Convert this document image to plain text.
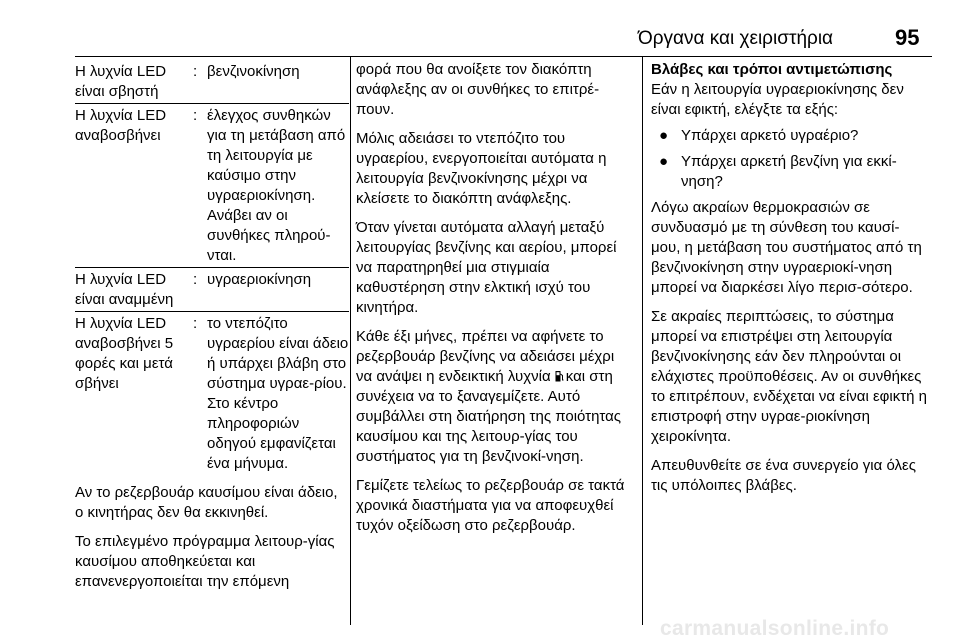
Όργανα και χειριστήρια	95
Η λυχνία LED είναι σβηστή
: βενζινοκίνηση
Η λυχνία LED αναβοσβήνει
: έλεγχος συνθηκών για τη μετάβαση από τη λειτουργία με καύσιμο στην υγραεριοκίνηση. Ανάβει αν οι συνθήκες πληρού-νται.
Η λυχνία LED είναι αναμμένη
: υγραεριοκίνηση
Η λυχνία LED αναβοσβήνει 5 φορές και μετά σβήνει
: το ντεπόζιτο υγραερίου είναι άδειο ή υπάρχει βλάβη στο σύστημα υγραε-ρίου. Στο κέντρο πληροφοριών οδηγού εμφανίζεται ένα μήνυμα.

Αν το ρεζερβουάρ καυσίμου είναι άδειο, ο κινητήρας δεν θα εκκινηθεί.

Το επιλεγμένο πρόγραμμα λειτουρ-γίας καυσίμου αποθηκεύεται και επανενεργοποιείται την επόμενη

φορά που θα ανοίξετε τον διακόπτη ανάφλεξης αν οι συνθήκες το επιτρέ-πουν.

Μόλις αδειάσει το ντεπόζιτο του υγραερίου, ενεργοποιείται αυτόματα η λειτουργία βενζινοκίνησης μέχρι να κλείσετε το διακόπτη ανάφλεξης.

Όταν γίνεται αυτόματα αλλαγή μεταξύ λειτουργίας βενζίνης και αερίου, μπορεί να παρατηρηθεί μια στιγμιαία καθυστέρηση στην ελκτική ισχύ του κινητήρα.

Κάθε έξι μήνες, πρέπει να αφήνετε το ρεζερβουάρ βενζίνης να αδειάσει μέχρι να ανάψει η ενδεικτική λυχνία και στη συνέχεια να το ξαναγεμίζετε. Αυτό συμβάλλει στη διατήρηση της ποιότητας καυσίμου και της λειτουρ-γίας του συστήματος για τη βενζινοκί-νηση.

Γεμίζετε τελείως το ρεζερβουάρ σε τακτά χρονικά διαστήματα για να αποφευχθεί τυχόν οξείδωση στο ρεζερβουάρ.

Βλάβες και τρόποι αντιμετώπισης

Εάν η λειτουργία υγραεριοκίνησης δεν είναι εφικτή, ελέγξτε τα εξής:

● Υπάρχει αρκετό υγραέριο?
● Υπάρχει αρκετή βενζίνη για εκκί-νηση?

Λόγω ακραίων θερμοκρασιών σε συνδυασμό με τη σύνθεση του καυσί-μου, η μετάβαση του συστήματος από τη βενζινοκίνηση στην υγραεριοκί-νηση μπορεί να διαρκέσει λίγο περισ-σότερο.

Σε ακραίες περιπτώσεις, το σύστημα μπορεί να επιστρέψει στη λειτουργία βενζινοκίνησης εάν δεν πληρούνται οι ελάχιστες προϋποθέσεις. Αν οι συνθήκες το επιτρέπουν, ενδέχεται να είναι εφικτή η επιστροφή στην υγραε-ριοκίνηση χειροκίνητα.

Απευθυνθείτε σε ένα συνεργείο για όλες τις υπόλοιπες βλάβες.

carmanualsonline.info
